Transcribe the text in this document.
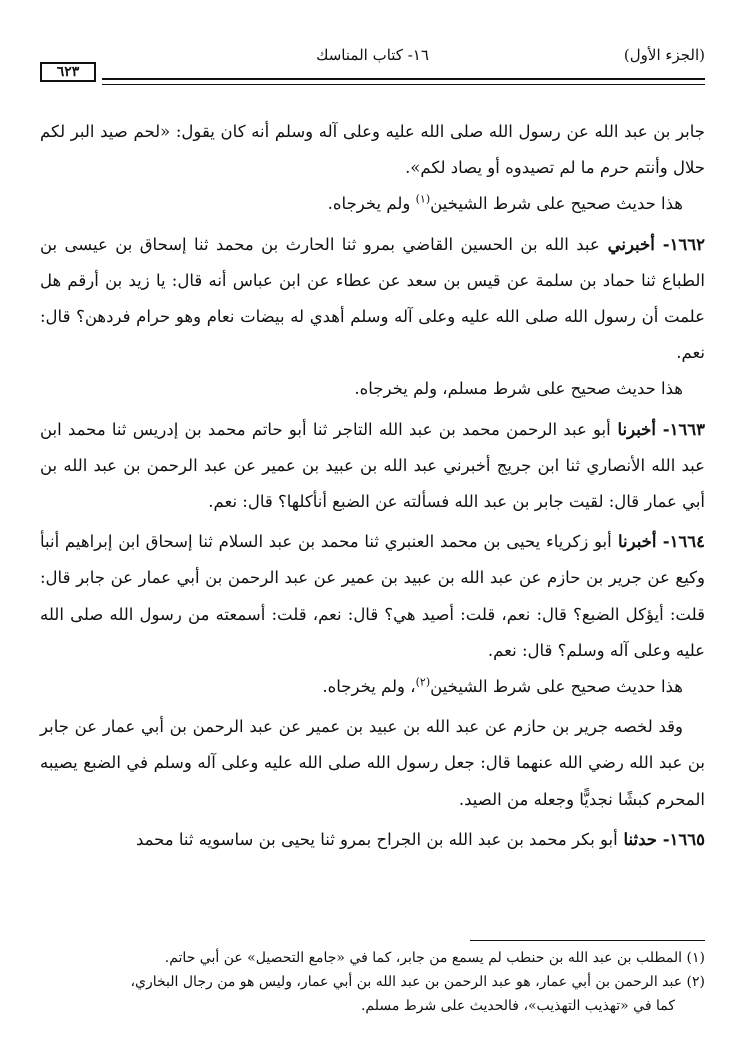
(الجزء الأول)
١٦- كتاب المناسك
٦٢٣

جابر بن عبد الله عن رسول الله صلى الله عليه وعلى آله وسلم أنه كان يقول: «لحم صيد البر لكم حلال وأنتم حرم ما لم تصيدوه أو يصاد لكم».

هذا حديث صحيح على شرط الشيخين$^{(١)}$ ولم يخرجاه.

١٦٦٢- أخبرني عبد الله بن الحسين القاضي بمرو ثنا الحارث بن محمد ثنا إسحاق بن عيسى بن الطباع ثنا حماد بن سلمة عن قيس بن سعد عن عطاء عن ابن عباس أنه قال: يا زيد بن أرقم هل علمت أن رسول الله صلى الله عليه وعلى آله وسلم أهدي له بيضات نعام وهو حرام فردهن؟ قال: نعم.

هذا حديث صحيح على شرط مسلم، ولم يخرجاه.

١٦٦٣- أخبرنا أبو عبد الرحمن محمد بن عبد الله التاجر ثنا أبو حاتم محمد بن إدريس ثنا محمد ابن عبد الله الأنصاري ثنا ابن جريج أخبرني عبد الله بن عبيد بن عمير عن عبد الرحمن بن عبد الله بن أبي عمار قال: لقيت جابر بن عبد الله فسألته عن الضبع أنأكلها؟ قال: نعم.

١٦٦٤- أخبرنا أبو زكرياء يحيى بن محمد العنبري ثنا محمد بن عبد السلام ثنا إسحاق ابن إبراهيم أنبأ وكيع عن جرير بن حازم عن عبد الله بن عبيد بن عمير عن عبد الرحمن بن أبي عمار عن جابر قال: قلت: أيؤكل الضبع؟ قال: نعم، قلت: أصيد هي؟ قال: نعم، قلت: أسمعته من رسول الله صلى الله عليه وعلى آله وسلم؟ قال: نعم.

هذا حديث صحيح على شرط الشيخين$^{(٢)}$، ولم يخرجاه.

وقد لخصه جرير بن حازم عن عبد الله بن عبيد بن عمير عن عبد الرحمن بن أبي عمار عن جابر بن عبد الله رضي الله عنهما قال: جعل رسول الله صلى الله عليه وعلى آله وسلم في الضبع يصيبه المحرم كبشًا نجديًّا وجعله من الصيد.

١٦٦٥- حدثنا أبو بكر محمد بن عبد الله بن الجراح بمرو ثنا يحيى بن ساسويه ثنا محمد

(١) المطلب بن عبد الله بن حنطب لم يسمع من جابر، كما في «جامع التحصيل» عن أبي حاتم.

(٢) عبد الرحمن بن أبي عمار، هو عبد الرحمن بن عبد الله بن أبي عمار، وليس هو من رجال البخاري،

كما في «تهذيب التهذيب»، فالحديث على شرط مسلم.
